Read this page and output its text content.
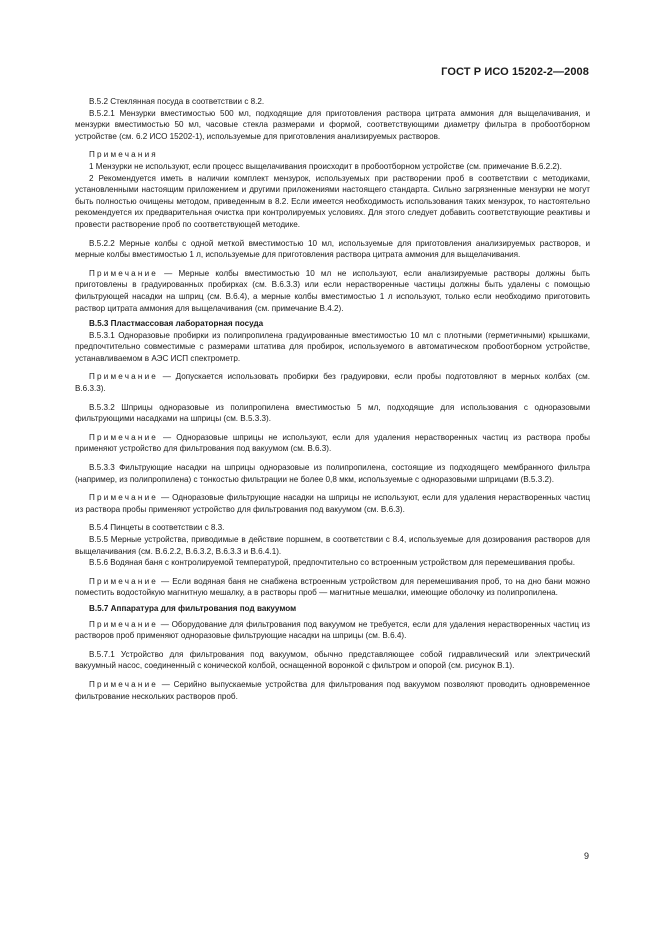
ГОСТ Р ИСО 15202-2—2008

В.5.2 Стеклянная посуда в соответствии с 8.2.

В.5.2.1 Мензурки вместимостью 500 мл, подходящие для приготовления раствора цитрата аммония для выщелачивания, и мензурки вместимостью 50 мл, часовые стекла размерами и формой, соответствующими диаметру фильтра в пробоотборном устройстве (см. 6.2 ИСО 15202-1), используемые для приготовления анализируемых растворов.

Примечания

1 Мензурки не используют, если процесс выщелачивания происходит в пробоотборном устройстве (см. примечание В.6.2.2).

2 Рекомендуется иметь в наличии комплект мензурок, используемых при растворении проб в соответствии с методиками, установленными настоящим приложением и другими приложениями настоящего стандарта. Сильно загрязненные мензурки не могут быть полностью очищены методом, приведенным в 8.2. Если имеется необходимость использования таких мензурок, то настоятельно рекомендуется их предварительная очистка при контролируемых условиях. Для этого следует добавить соответствующие реактивы и провести растворение проб по соответствующей методике.

В.5.2.2 Мерные колбы с одной меткой вместимостью 10 мл, используемые для приготовления анализируемых растворов, и мерные колбы вместимостью 1 л, используемые для приготовления раствора цитрата аммония для выщелачивания.

Примечание — Мерные колбы вместимостью 10 мл не используют, если анализируемые растворы должны быть приготовлены в градуированных пробирках (см. В.6.3.3) или если нерастворенные частицы должны быть удалены с помощью фильтрующей насадки на шприц (см. В.6.4), а мерные колбы вместимостью 1 л используют, только если необходимо приготовить раствор цитрата аммония для выщелачивания (см. примечание В.4.2).

В.5.3 Пластмассовая лабораторная посуда

В.5.3.1 Одноразовые пробирки из полипропилена градуированные вместимостью 10 мл с плотными (герметичными) крышками, предпочтительно совместимые с размерами штатива для пробирок, используемого в автоматическом пробоотборном устройстве, устанавливаемом в АЭС ИСП спектрометр.

Примечание — Допускается использовать пробирки без градуировки, если пробы подготовляют в мерных колбах (см. В.6.3.3).

В.5.3.2 Шприцы одноразовые из полипропилена вместимостью 5 мл, подходящие для использования с одноразовыми фильтрующими насадками на шприцы (см. В.5.3.3).

Примечание — Одноразовые шприцы не используют, если для удаления нерастворенных частиц из раствора пробы применяют устройство для фильтрования под вакуумом (см. В.6.3).

В.5.3.3 Фильтрующие насадки на шприцы одноразовые из полипропилена, состоящие из подходящего мембранного фильтра (например, из полипропилена) с тонкостью фильтрации не более 0,8 мкм, используемые с одноразовыми шприцами (В.5.3.2).

Примечание — Одноразовые фильтрующие насадки на шприцы не используют, если для удаления нерастворенных частиц из раствора пробы применяют устройство для фильтрования под вакуумом (см. В.6.3).

В.5.4 Пинцеты в соответствии с 8.3.

В.5.5 Мерные устройства, приводимые в действие поршнем, в соответствии с 8.4, используемые для дозирования растворов для выщелачивания (см. В.6.2.2, В.6.3.2, В.6.3.3 и В.6.4.1).

В.5.6 Водяная баня с контролируемой температурой, предпочтительно со встроенным устройством для перемешивания пробы.

Примечание — Если водяная баня не снабжена встроенным устройством для перемешивания проб, то на дно бани можно поместить водостойкую магнитную мешалку, а в растворы проб — магнитные мешалки, имеющие оболочку из полипропилена.

В.5.7 Аппаратура для фильтрования под вакуумом

Примечание — Оборудование для фильтрования под вакуумом не требуется, если для удаления нерастворенных частиц из растворов проб применяют одноразовые фильтрующие насадки на шприцы (см. В.6.4).

В.5.7.1 Устройство для фильтрования под вакуумом, обычно представляющее собой гидравлический или электрический вакуумный насос, соединенный с конической колбой, оснащенной воронкой с фильтром и опорой (см. рисунок В.1).

Примечание — Серийно выпускаемые устройства для фильтрования под вакуумом позволяют проводить одновременное фильтрование нескольких растворов проб.

9
